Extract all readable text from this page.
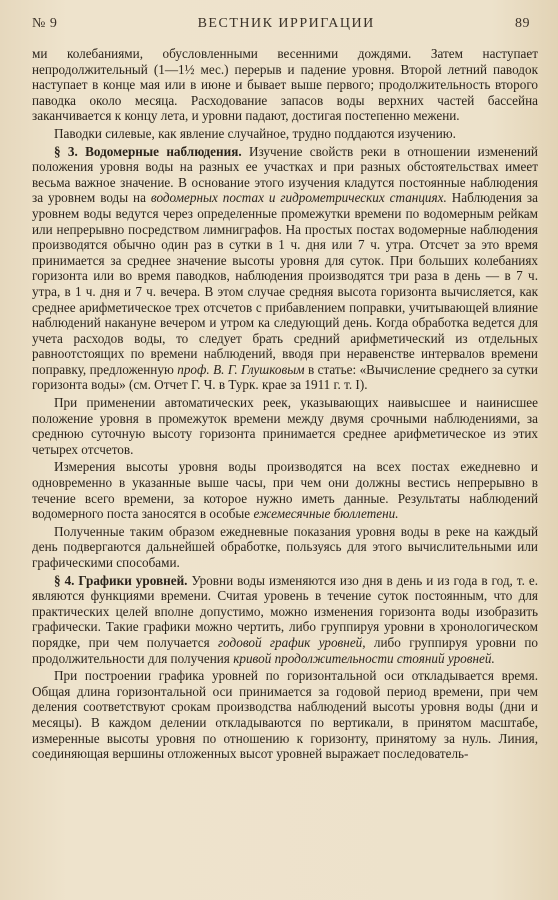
№ 9	ВЕСТНИК ИРРИГАЦИИ	89

ми колебаниями, обусловленными весенними дождями. Затем наступает непродолжительный (1—1½ мес.) перерыв и падение уровня. Второй летний паводок наступает в конце мая или в июне и бывает выше первого; продолжительность второго паводка около месяца. Расходование запасов воды верхних частей бассейна заканчивается к концу лета, и уровни падают, достигая постепенно межени.

Паводки силевые, как явление случайное, трудно поддаются изучению.

§ 3. Водомерные наблюдения. Изучение свойств реки в отношении изменений положения уровня воды на разных ее участках и при разных обстоятельствах имеет весьма важное значение. В основание этого изучения кладутся постоянные наблюдения за уровнем воды на водомерных постах и гидрометрических станциях. Наблюдения за уровнем воды ведутся через определенные промежутки времени по водомерным рейкам или непрерывно посредством лимниграфов. На простых постах водомерные наблюдения производятся обычно один раз в сутки в 1 ч. дня или 7 ч. утра. Отсчет за это время принимается за среднее значение высоты уровня для суток. При больших колебаниях горизонта или во время паводков, наблюдения производятся три раза в день — в 7 ч. утра, в 1 ч. дня и 7 ч. вечера. В этом случае средняя высота горизонта вычисляется, как среднее арифметическое трех отсчетов с прибавлением поправки, учитывающей влияние наблюдений накануне вечером и утром ка следующий день. Когда обработка ведется для учета расходов воды, то следует брать средний арифметический из отдельных равноотстоящих по времени наблюдений, вводя при неравенстве интервалов времени поправку, предложенную проф. В. Г. Глушковым в статье: «Вычисление среднего за сутки горизонта воды» (см. Отчет Г. Ч. в Турк. крае за 1911 г. т. I).

При применении автоматических реек, указывающих наивысшее и наинисшее положение уровня в промежуток времени между двумя срочными наблюдениями, за среднюю суточную высоту горизонта принимается среднее арифметическое из этих четырех отсчетов.

Измерения высоты уровня воды производятся на всех постах ежедневно и одновременно в указанные выше часы, при чем они должны вестись непрерывно в течение всего времени, за которое нужно иметь данные. Результаты наблюдений водомерного поста заносятся в особые ежемесячные бюллетени.

Полученные таким образом ежедневные показания уровня воды в реке на каждый день подвергаются дальнейшей обработке, пользуясь для этого вычислительными или графическими способами.

§ 4. Графики уровней. Уровни воды изменяются изо дня в день и из года в год, т. е. являются функциями времени. Считая уровень в течение суток постоянным, что для практических целей вполне допустимо, можно изменения горизонта воды изобразить графически. Такие графики можно чертить, либо группируя уровни в хронологическом порядке, при чем получается годовой график уровней, либо группируя уровни по продолжительности для получения кривой продолжительности стояний уровней.

При построении графика уровней по горизонтальной оси откладывается время. Общая длина горизонтальной оси принимается за годовой период времени, при чем деления соответствуют срокам производства наблюдений высоты уровня воды (дни и месяцы). В каждом делении откладываются по вертикали, в принятом масштабе, измеренные высоты уровня по отношению к горизонту, принятому за нуль. Линия, соединяющая вершины отложенных высот уровней выражает последователь-
